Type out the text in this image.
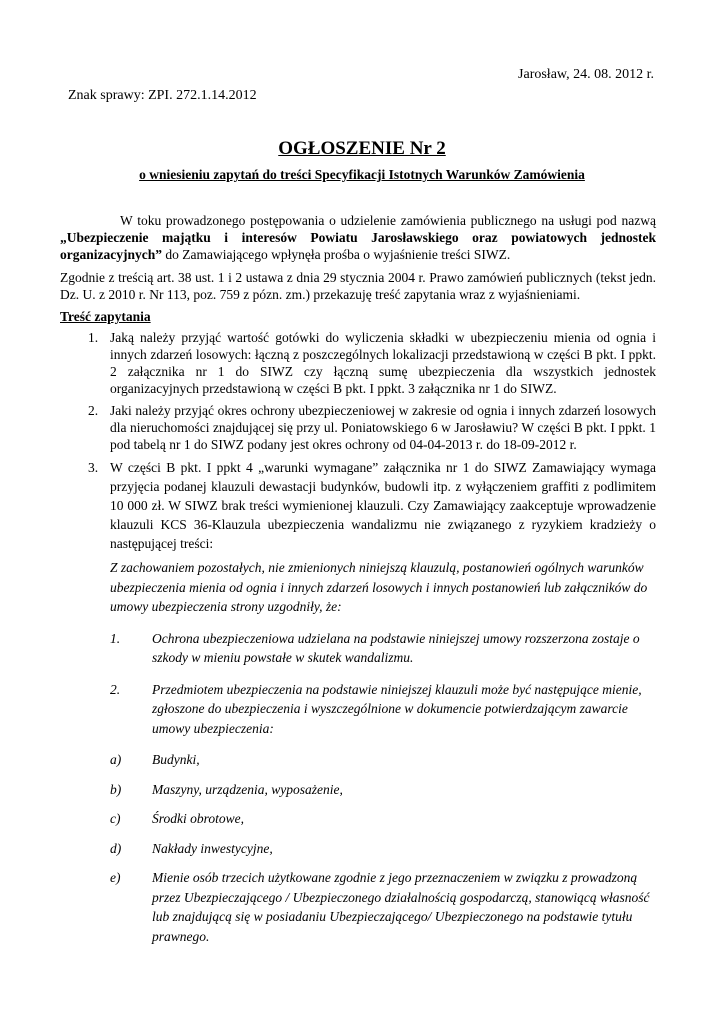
Jarosław, 24. 08. 2012 r.
Znak sprawy: ZPI. 272.1.14.2012
OGŁOSZENIE Nr 2
o wniesieniu zapytań do treści Specyfikacji Istotnych Warunków Zamówienia

W toku prowadzonego postępowania o udzielenie zamówienia publicznego na usługi pod nazwą „Ubezpieczenie majątku i interesów Powiatu Jarosławskiego oraz powiatowych jednostek organizacyjnych” do Zamawiającego wpłynęła prośba o wyjaśnienie treści SIWZ.

Zgodnie z treścią art. 38 ust. 1 i 2 ustawa z dnia 29 stycznia 2004 r. Prawo zamówień publicznych (tekst jedn. Dz. U. z 2010 r. Nr 113, poz. 759 z pózn. zm.) przekazuję treść zapytania wraz z wyjaśnieniami.

Treść zapytania
1. Jaką należy przyjąć wartość gotówki do wyliczenia składki w ubezpieczeniu mienia od ognia i innych zdarzeń losowych: łączną z poszczególnych lokalizacji przedstawioną w części B pkt. I ppkt. 2 załącznika nr 1 do SIWZ czy łączną sumę ubezpieczenia dla wszystkich jednostek organizacyjnych przedstawioną w części B pkt. I ppkt. 3 załącznika nr 1 do SIWZ.
2. Jaki należy przyjąć okres ochrony ubezpieczeniowej w zakresie od ognia i innych zdarzeń losowych dla nieruchomości znajdującej się przy ul. Poniatowskiego 6 w Jarosławiu? W części B pkt. I ppkt. 1 pod tabelą nr 1 do SIWZ podany jest okres ochrony od 04-04-2013 r. do 18-09-2012 r.
3. W części B pkt. I ppkt 4 „warunki wymagane” załącznika nr 1 do SIWZ Zamawiający wymaga przyjęcia podanej klauzuli dewastacji budynków, budowli itp. z wyłączeniem graffiti z podlimitem 10 000 zł. W SIWZ brak treści wymienionej klauzuli. Czy Zamawiający zaakceptuje wprowadzenie klauzuli KCS 36-Klauzula ubezpieczenia wandalizmu nie związanego z ryzykiem kradzieży o następującej treści:

Z zachowaniem pozostałych, nie zmienionych niniejszą klauzulą, postanowień ogólnych warunków ubezpieczenia mienia od ognia i innych zdarzeń losowych i innych postanowień lub załączników do umowy ubezpieczenia strony uzgodniły, że:

1. Ochrona ubezpieczeniowa udzielana na podstawie niniejszej umowy rozszerzona zostaje o szkody w mieniu powstałe w skutek wandalizmu.
2. Przedmiotem ubezpieczenia na podstawie niniejszej klauzuli może być następujące mienie, zgłoszone do ubezpieczenia i wyszczególnione w dokumencie potwierdzającym zawarcie umowy ubezpieczenia:
a) Budynki,
b) Maszyny, urządzenia, wyposażenie,
c) Środki obrotowe,
d) Nakłady inwestycyjne,
e) Mienie osób trzecich użytkowane zgodnie z jego przeznaczeniem w związku z prowadzoną przez Ubezpieczającego / Ubezpieczonego działalnością gospodarczą, stanowiącą własność lub znajdującą się w posiadaniu Ubezpieczającego/ Ubezpieczonego na podstawie tytułu prawnego.
